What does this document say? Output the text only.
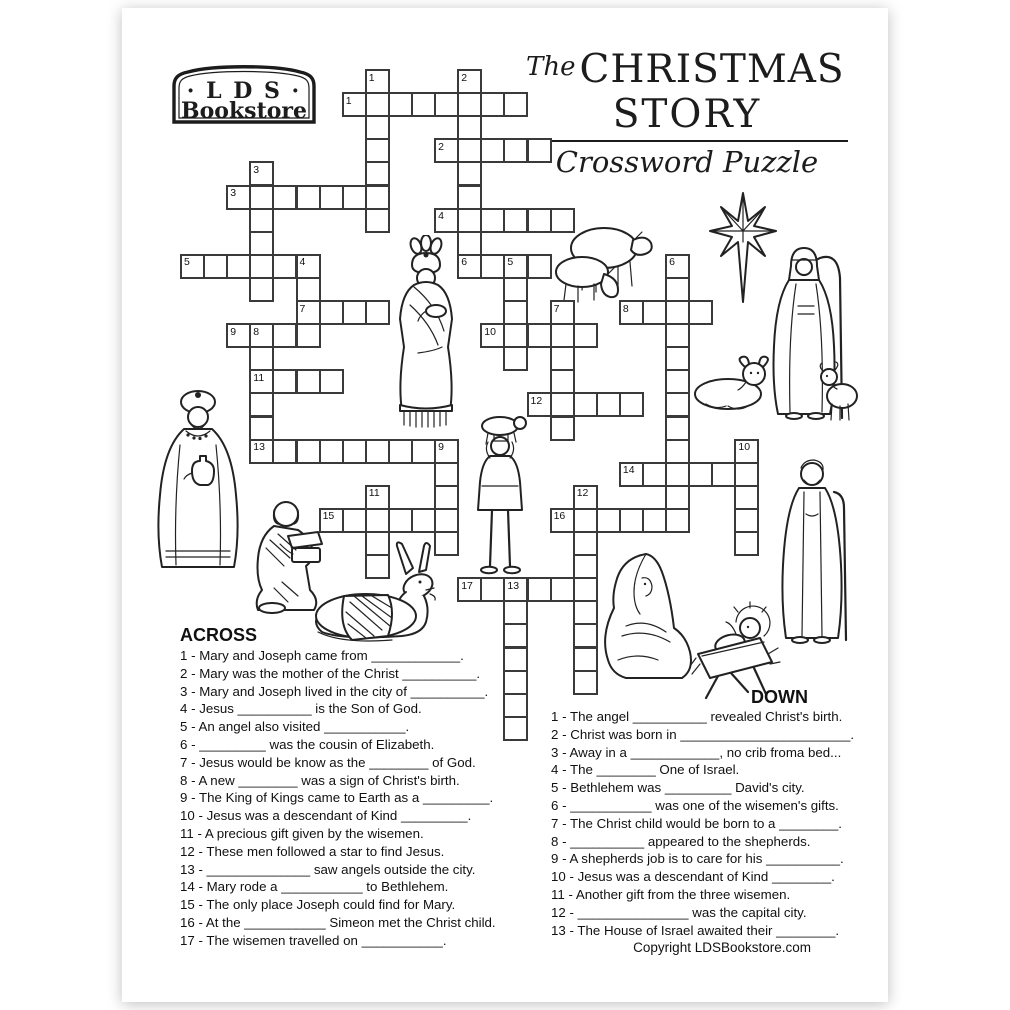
· L D S ·
Bookstore
The CHRISTMAS
STORY
Crossword Puzzle
1
2
3
4
5	6
7	8
9	10
11
12
13
14
15	16
17
1	2
3
4	5	6
7
8
9	10
11	12
13
ACROSS
1 - Mary and Joseph came from ____________.
2 - Mary was the mother of the Christ __________.
3 - Mary and Joseph lived in the city of __________.
4 - Jesus __________ is the Son of God.
5 - An angel also visited ___________.
6 - _________ was the cousin of Elizabeth.
7 - Jesus would be know as the ________ of God.
8 - A new ________ was a sign of Christ's birth.
9 - The King of Kings came to Earth as a _________.
10 - Jesus was a descendant of Kind _________.
11 - A precious gift given by the wisemen.
12 - These men followed a star to find Jesus.
13 - ______________ saw angels outside the city.
14 - Mary rode a ___________ to Bethlehem.
15 - The only place Joseph could find for Mary.
16 - At the ___________ Simeon met the Christ child.
17 - The wisemen travelled on ___________.
DOWN
1 - The angel __________ revealed Christ's birth.
2 - Christ was born in _______________________.
3 - Away in a ____________, no crib froma bed...
4 - The ________ One of Israel.
5 - Bethlehem was _________ David's city.
6 - ___________ was one of the wisemen's gifts.
7 - The Christ child would be born to a ________.
8 - __________ appeared to the shepherds.
9 - A shepherds job is to care for his __________.
10 - Jesus was a descendant of Kind ________.
11 - Another gift from the three wisemen.
12 - _______________ was the capital city.
13 - The House of Israel awaited their ________.
Copyright LDSBookstore.com
